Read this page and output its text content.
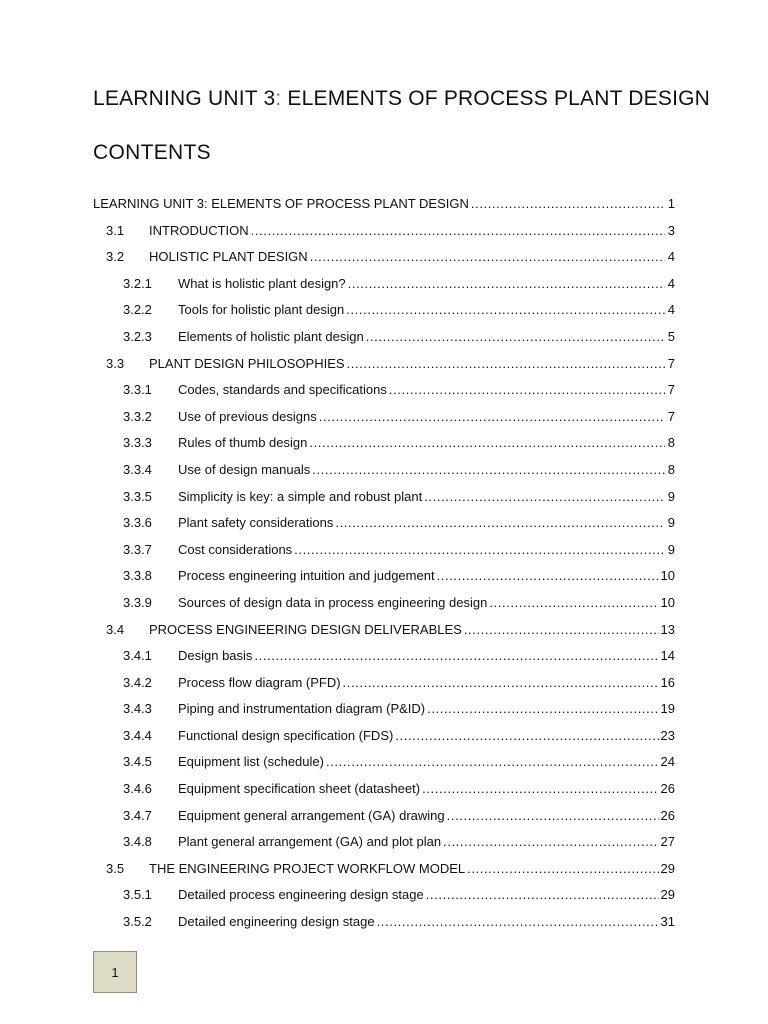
LEARNING UNIT 3: ELEMENTS OF PROCESS PLANT DESIGN
CONTENTS
LEARNING UNIT 3: ELEMENTS OF PROCESS PLANT DESIGN .....	1
3.1	INTRODUCTION .....	3
3.2	HOLISTIC PLANT DESIGN .....	4
3.2.1	What is holistic plant design? .....	4
3.2.2	Tools for holistic plant design .....	4
3.2.3	Elements of holistic plant design .....	5
3.3	PLANT DESIGN PHILOSOPHIES .....	7
3.3.1	Codes, standards and specifications .....	7
3.3.2	Use of previous designs .....	7
3.3.3	Rules of thumb design .....	8
3.3.4	Use of design manuals .....	8
3.3.5	Simplicity is key: a simple and robust plant .....	9
3.3.6	Plant safety considerations .....	9
3.3.7	Cost considerations .....	9
3.3.8	Process engineering intuition and judgement .....	10
3.3.9	Sources of design data in process engineering design .....	10
3.4	PROCESS ENGINEERING DESIGN DELIVERABLES .....	13
3.4.1	Design basis .....	14
3.4.2	Process flow diagram (PFD) .....	16
3.4.3	Piping and instrumentation diagram (P&ID) .....	19
3.4.4	Functional design specification (FDS) .....	23
3.4.5	Equipment list (schedule) .....	24
3.4.6	Equipment specification sheet (datasheet) .....	26
3.4.7	Equipment general arrangement (GA) drawing .....	26
3.4.8	Plant general arrangement (GA) and plot plan .....	27
3.5	THE ENGINEERING PROJECT WORKFLOW MODEL .....	29
3.5.1	Detailed process engineering design stage .....	29
3.5.2	Detailed engineering design stage .....	31
1
